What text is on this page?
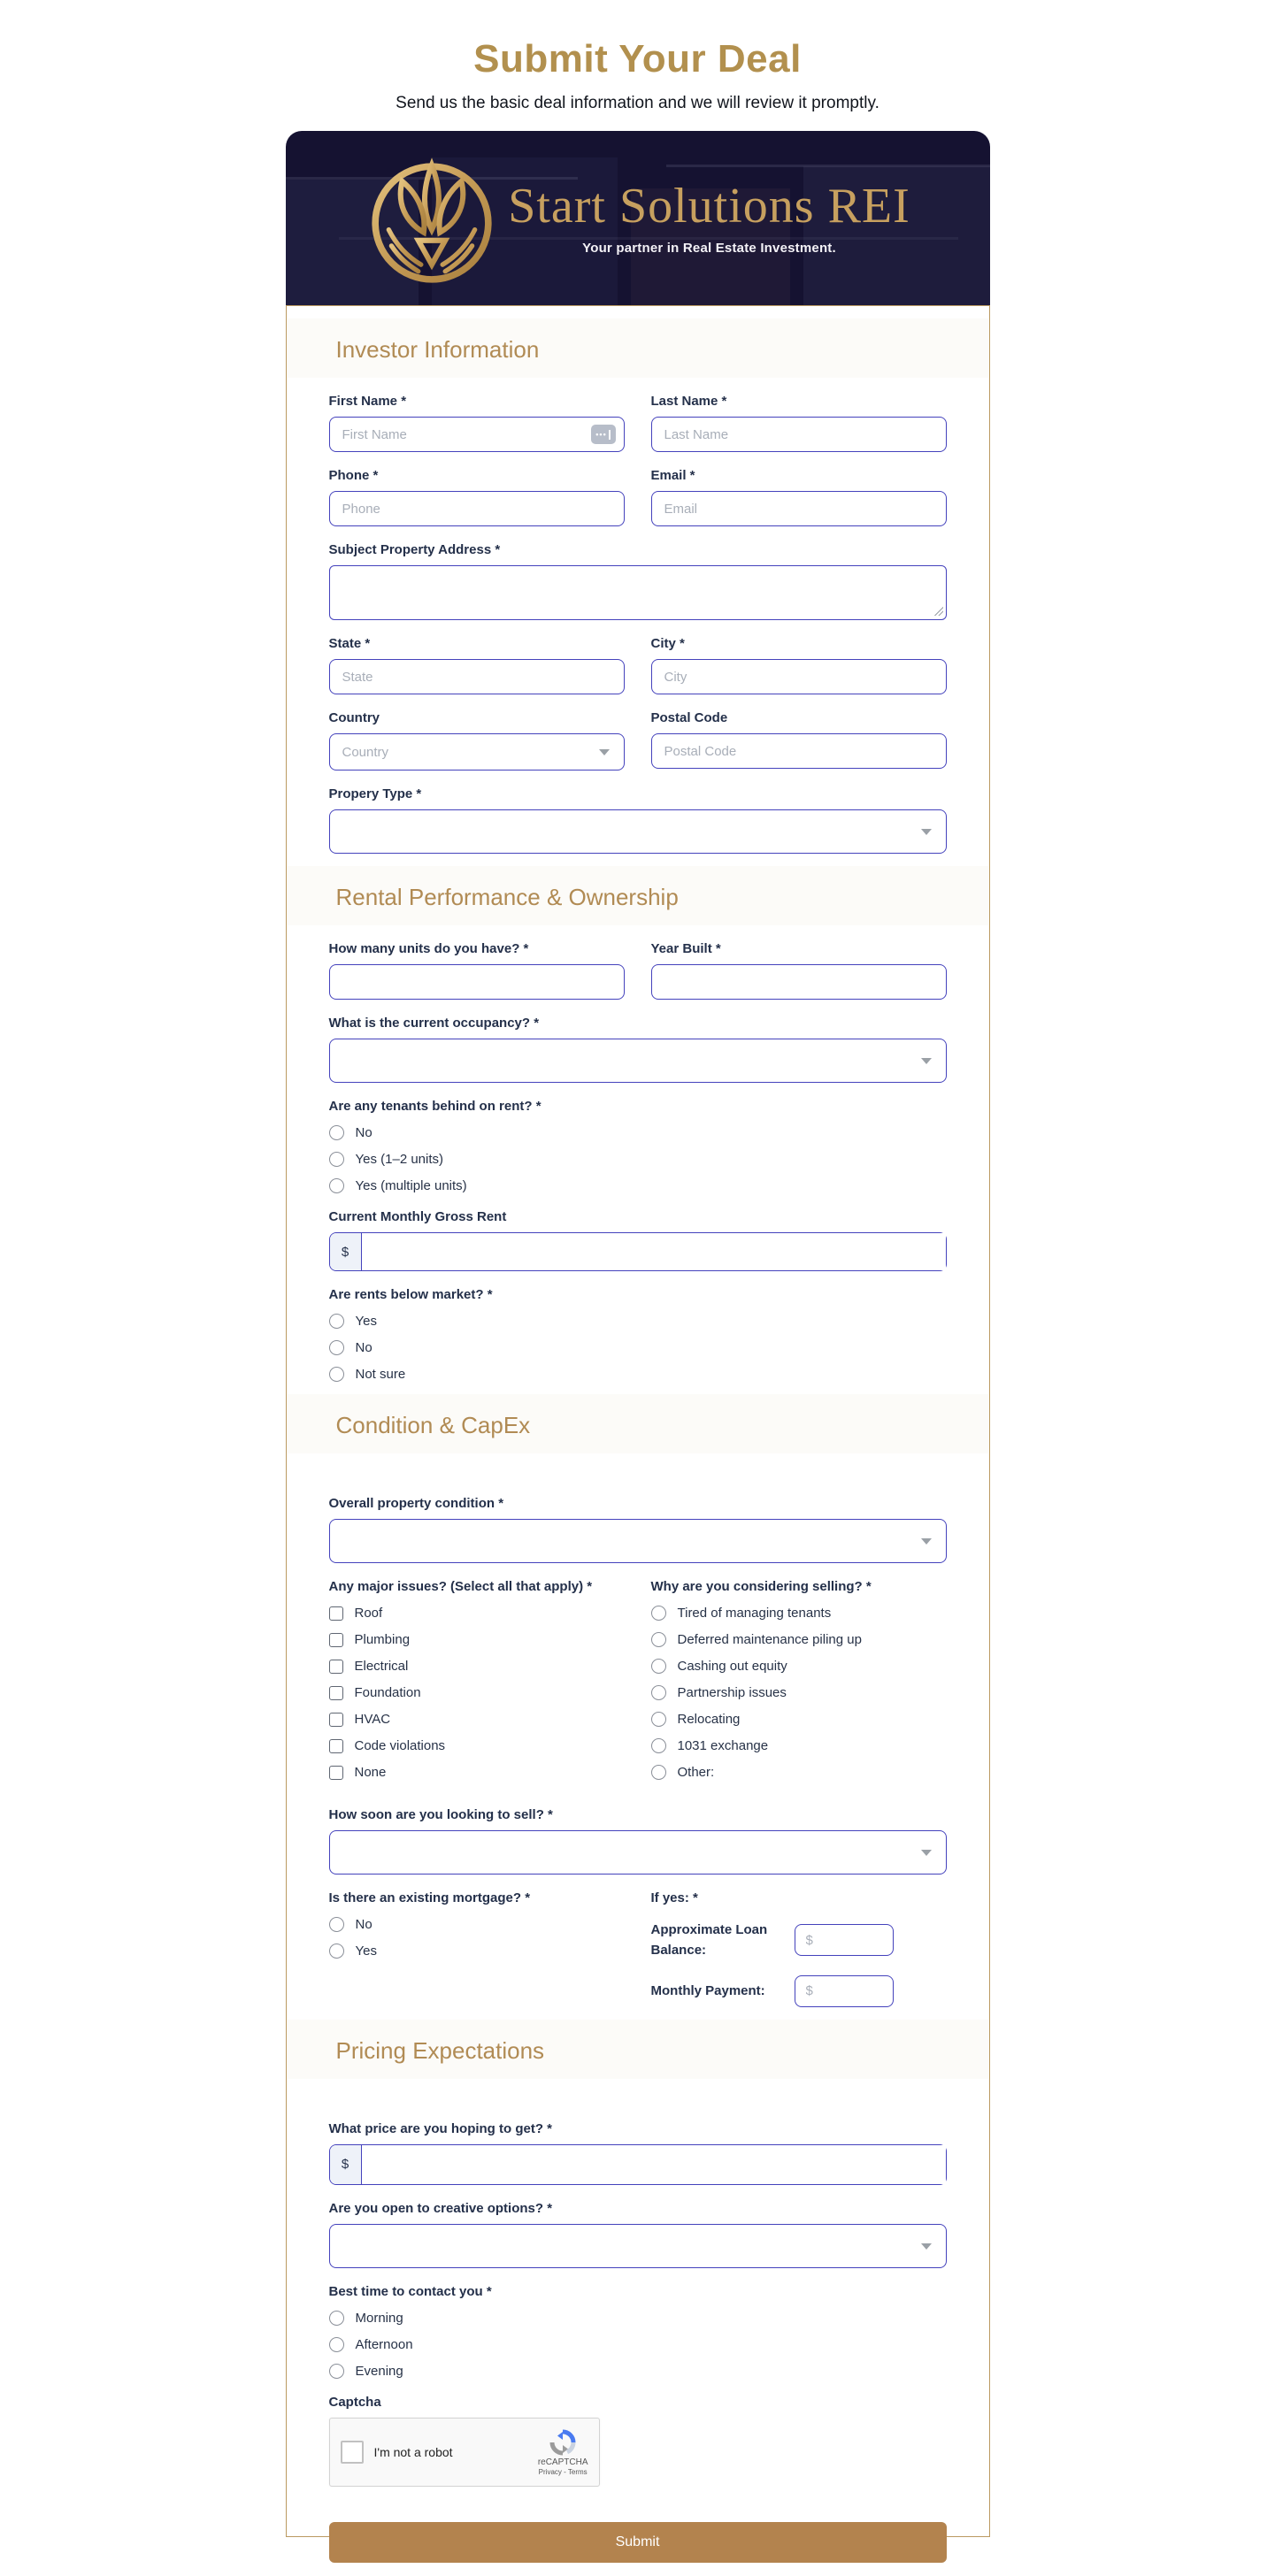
Submit Your Deal
Send us the basic deal information and we will review it promptly.
Start Solutions REI
Your partner in Real Estate Investment.
Investor Information
First Name *
First Name
•••
Last Name *
Last Name
Phone *
Phone	Email *
Email
Subject Property Address *
State *
State	City *
City
Country
Country
Postal Code
Postal Code
Propery Type *
Rental Performance & Ownership
How many units do you have? *	Year Built *
What is the current occupancy? *
Are any tenants behind on rent? *
No
Yes (1–2 units)
Yes (multiple units)
Current Monthly Gross Rent
$
Are rents below market? *
Yes
No
Not sure
Condition & CapEx
Overall property condition *
Any major issues? (Select all that apply) *
Roof
Plumbing
Electrical
Foundation
HVAC
Code violations
None
Why are you considering selling? *
Tired of managing tenants
Deferred maintenance piling up
Cashing out equity
Partnership issues
Relocating
1031 exchange
Other:
How soon are you looking to sell? *
Is there an existing mortgage? *
No
Yes
If yes: *
Approximate Loan Balance:
$
Monthly Payment:
$
Pricing Expectations
What price are you hoping to get? *
$
Are you open to creative options? *
Best time to contact you *
Morning
Afternoon
Evening
Captcha
I'm not a robot
reCAPTCHA
Privacy - Terms
Submit
